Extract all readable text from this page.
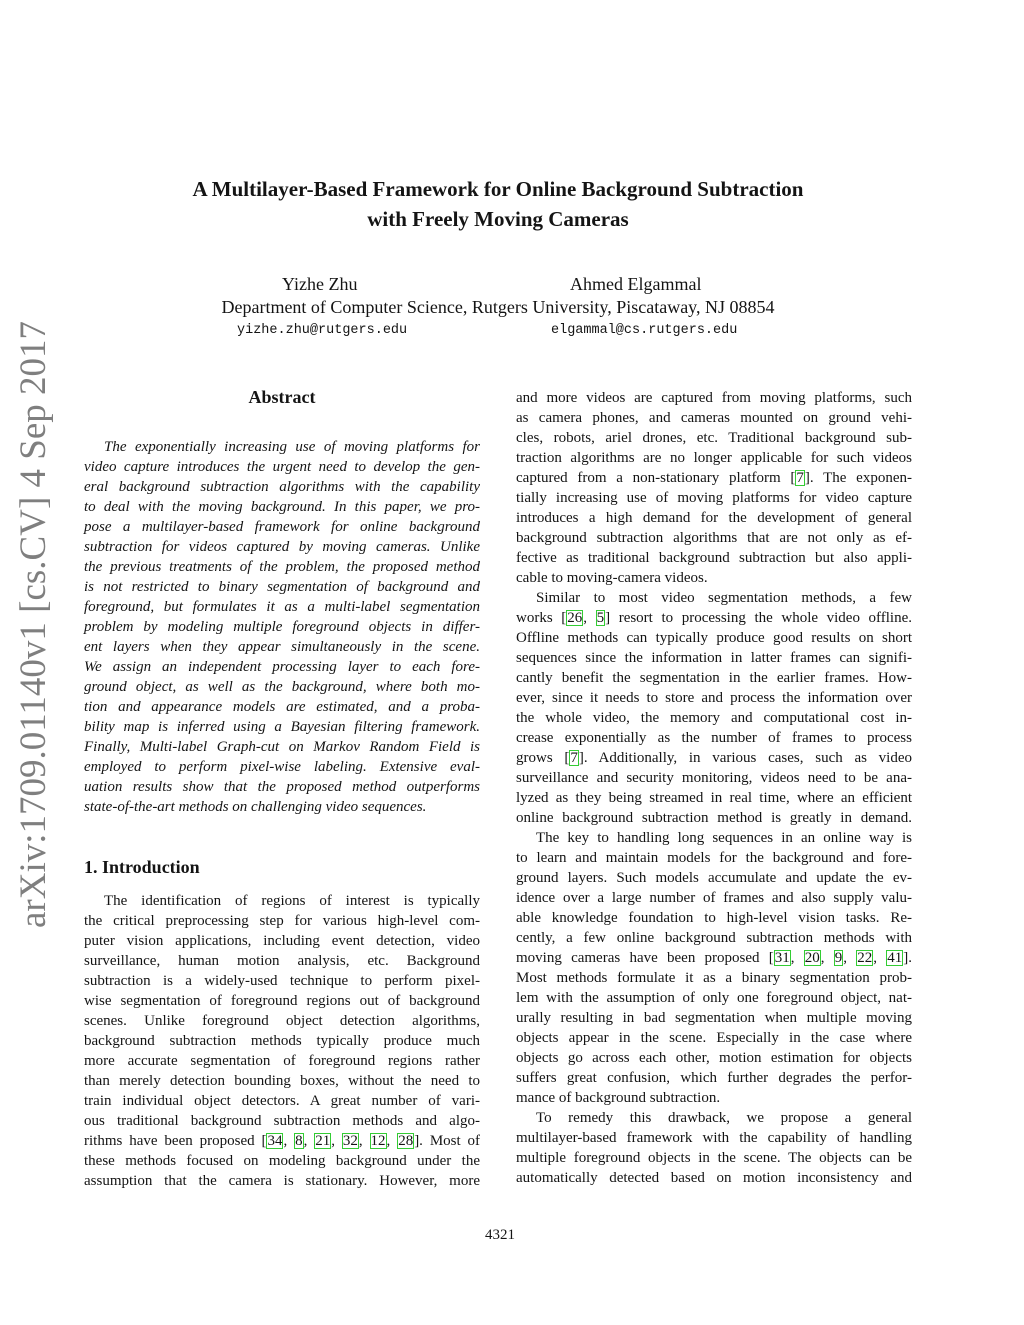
A Multilayer-Based Framework for Online Background Subtraction
with Freely Moving Cameras
Yizhe Zhu	Ahmed Elgammal
Department of Computer Science, Rutgers University, Piscataway, NJ 08854
yizhe.zhu@rutgers.edu	elgammal@cs.rutgers.edu
arXiv:1709.01140v1 [cs.CV] 4 Sep 2017	Abstract
The exponentially increasing use of moving platforms for
video capture introduces the urgent need to develop the gen-
eral background subtraction algorithms with the capability
to deal with the moving background. In this paper, we pro-
pose a multilayer-based framework for online background
subtraction for videos captured by moving cameras. Unlike
the previous treatments of the problem, the proposed method
is not restricted to binary segmentation of background and
foreground, but formulates it as a multi-label segmentation
problem by modeling multiple foreground objects in differ-
ent layers when they appear simultaneously in the scene.
We assign an independent processing layer to each fore-
ground object, as well as the background, where both mo-
tion and appearance models are estimated, and a proba-
bility map is inferred using a Bayesian filtering framework.
Finally, Multi-label Graph-cut on Markov Random Field is
employed to perform pixel-wise labeling. Extensive eval-
uation results show that the proposed method outperforms
state-of-the-art methods on challenging video sequences.
1. Introduction
The identification of regions of interest is typically
the critical preprocessing step for various high-level com-
puter vision applications, including event detection, video
surveillance, human motion analysis, etc. Background
subtraction is a widely-used technique to perform pixel-
wise segmentation of foreground regions out of background
scenes. Unlike foreground object detection algorithms,
background subtraction methods typically produce much
more accurate segmentation of foreground regions rather
than merely detection bounding boxes, without the need to
train individual object detectors. A great number of vari-
ous traditional background subtraction methods and algo-
rithms have been proposed [34, 8, 21, 32, 12, 28]. Most of
these methods focused on modeling background under the
assumption that the camera is stationary. However, more
and more videos are captured from moving platforms, such
as camera phones, and cameras mounted on ground vehi-
cles, robots, ariel drones, etc. Traditional background sub-
traction algorithms are no longer applicable for such videos
captured from a non-stationary platform [7]. The exponen-
tially increasing use of moving platforms for video capture
introduces a high demand for the development of general
background subtraction algorithms that are not only as ef-
fective as traditional background subtraction but also appli-
cable to moving-camera videos.
Similar to most video segmentation methods, a few
works [26, 5] resort to processing the whole video offline.
Offline methods can typically produce good results on short
sequences since the information in latter frames can signifi-
cantly benefit the segmentation in the earlier frames. How-
ever, since it needs to store and process the information over
the whole video, the memory and computational cost in-
crease exponentially as the number of frames to process
grows [7]. Additionally, in various cases, such as video
surveillance and security monitoring, videos need to be ana-
lyzed as they being streamed in real time, where an efficient
online background subtraction method is greatly in demand.
The key to handling long sequences in an online way is
to learn and maintain models for the background and fore-
ground layers. Such models accumulate and update the ev-
idence over a large number of frames and also supply valu-
able knowledge foundation to high-level vision tasks. Re-
cently, a few online background subtraction methods with
moving cameras have been proposed [31, 20, 9, 22, 41].
Most methods formulate it as a binary segmentation prob-
lem with the assumption of only one foreground object, nat-
urally resulting in bad segmentation when multiple moving
objects appear in the scene. Especially in the case where
objects go across each other, motion estimation for objects
suffers great confusion, which further degrades the perfor-
mance of background subtraction.
To remedy this drawback, we propose a general
multilayer-based framework with the capability of handling
multiple foreground objects in the scene. The objects can be
automatically detected based on motion inconsistency and
4321
